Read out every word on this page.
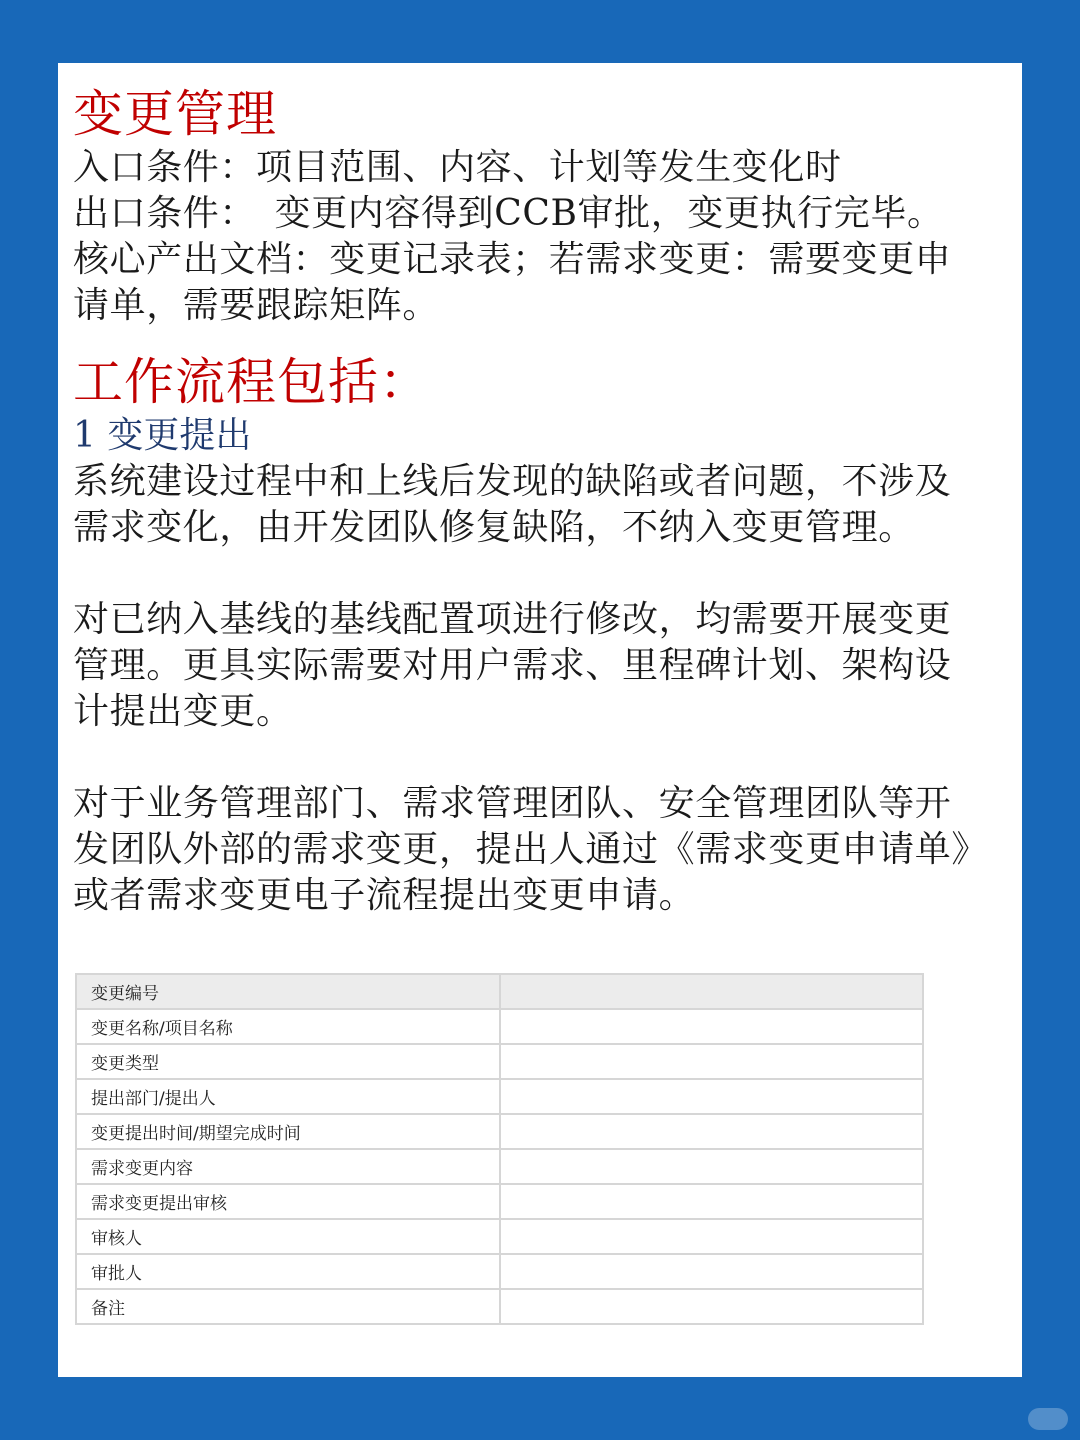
变更管理

入口条件：项目范围、内容、计划等发生变化时
出口条件：　变更内容得到CCB审批，变更执行完毕。
核心产出文档：变更记录表；若需求变更：需要变更申
请单，需要跟踪矩阵。

工作流程包括：

1 变更提出

系统建设过程中和上线后发现的缺陷或者问题，不涉及
需求变化，由开发团队修复缺陷，不纳入变更管理。

对已纳入基线的基线配置项进行修改，均需要开展变更
管理。更具实际需要对用户需求、里程碑计划、架构设
计提出变更。

对于业务管理部门、需求管理团队、安全管理团队等开
发团队外部的需求变更，提出人通过《需求变更申请单》
或者需求变更电子流程提出变更申请。

变更编号	
变更名称/项目名称	
变更类型	
提出部门/提出人	
变更提出时间/期望完成时间	
需求变更内容	
需求变更提出审核	
审核人	
审批人	
备注	
